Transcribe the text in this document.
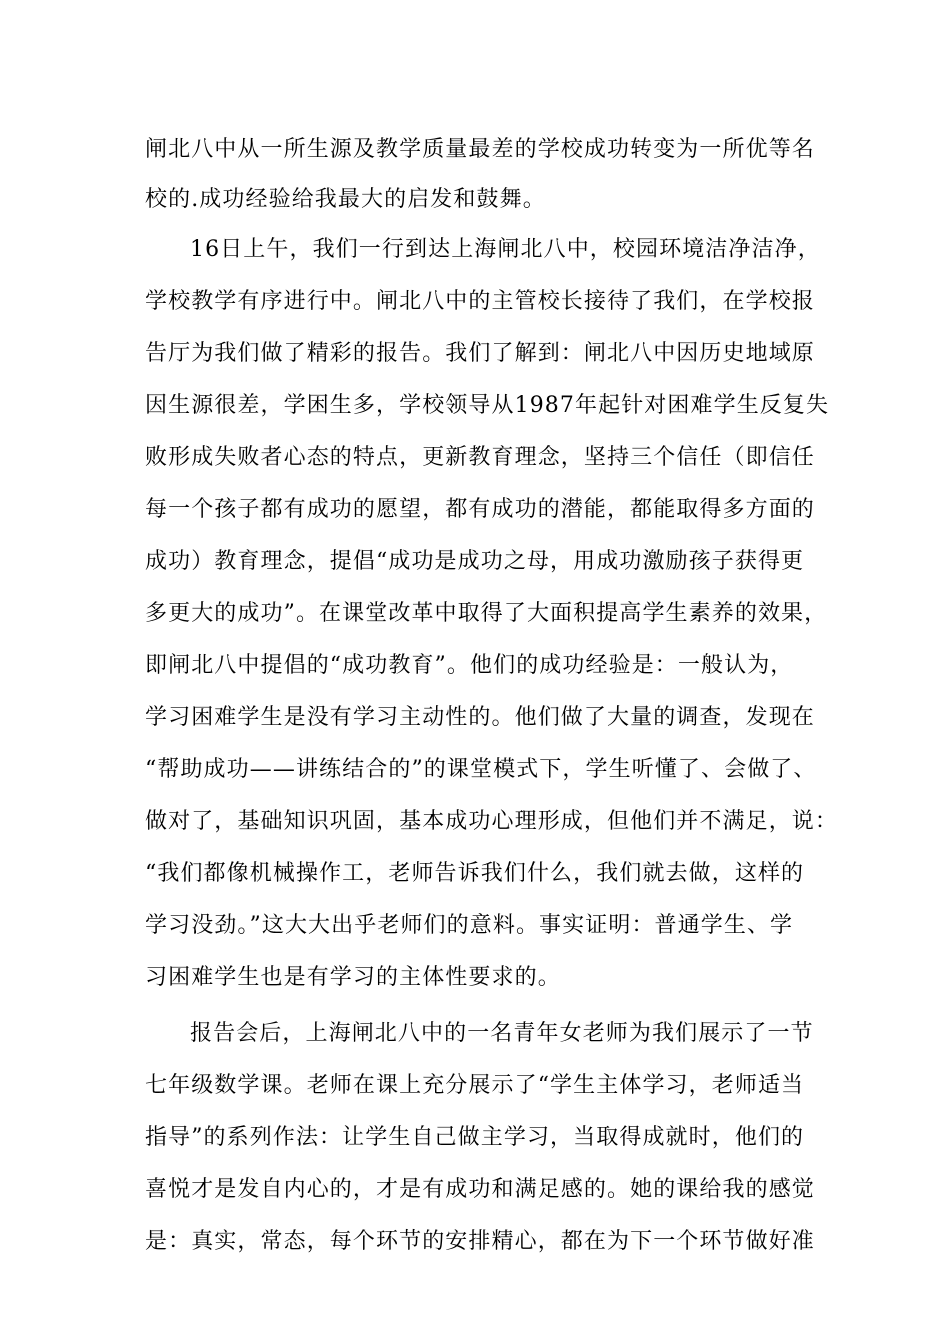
闸北八中从一所生源及教学质量最差的学校成功转变为一所优等名
校的.成功经验给我最大的启发和鼓舞。
16日上午，我们一行到达上海闸北八中，校园环境洁净洁净，
学校教学有序进行中。闸北八中的主管校长接待了我们，在学校报
告厅为我们做了精彩的报告。我们了解到：闸北八中因历史地域原
因生源很差，学困生多，学校领导从1987年起针对困难学生反复失
败形成失败者心态的特点，更新教育理念，坚持三个信任（即信任
每一个孩子都有成功的愿望，都有成功的潜能，都能取得多方面的
成功）教育理念，提倡“成功是成功之母，用成功激励孩子获得更
多更大的成功”。在课堂改革中取得了大面积提高学生素养的效果，
即闸北八中提倡的“成功教育”。他们的成功经验是：一般认为，
学习困难学生是没有学习主动性的。他们做了大量的调查，发现在
“帮助成功——讲练结合的”的课堂模式下，学生听懂了、会做了、
做对了，基础知识巩固，基本成功心理形成，但他们并不满足，说：
“我们都像机械操作工，老师告诉我们什么，我们就去做，这样的
学习没劲。”这大大出乎老师们的意料。事实证明：普通学生、学
习困难学生也是有学习的主体性要求的。
报告会后，上海闸北八中的一名青年女老师为我们展示了一节
七年级数学课。老师在课上充分展示了“学生主体学习，老师适当
指导”的系列作法：让学生自己做主学习，当取得成就时，他们的
喜悦才是发自内心的，才是有成功和满足感的。她的课给我的感觉
是：真实，常态，每个环节的安排精心，都在为下一个环节做好准
